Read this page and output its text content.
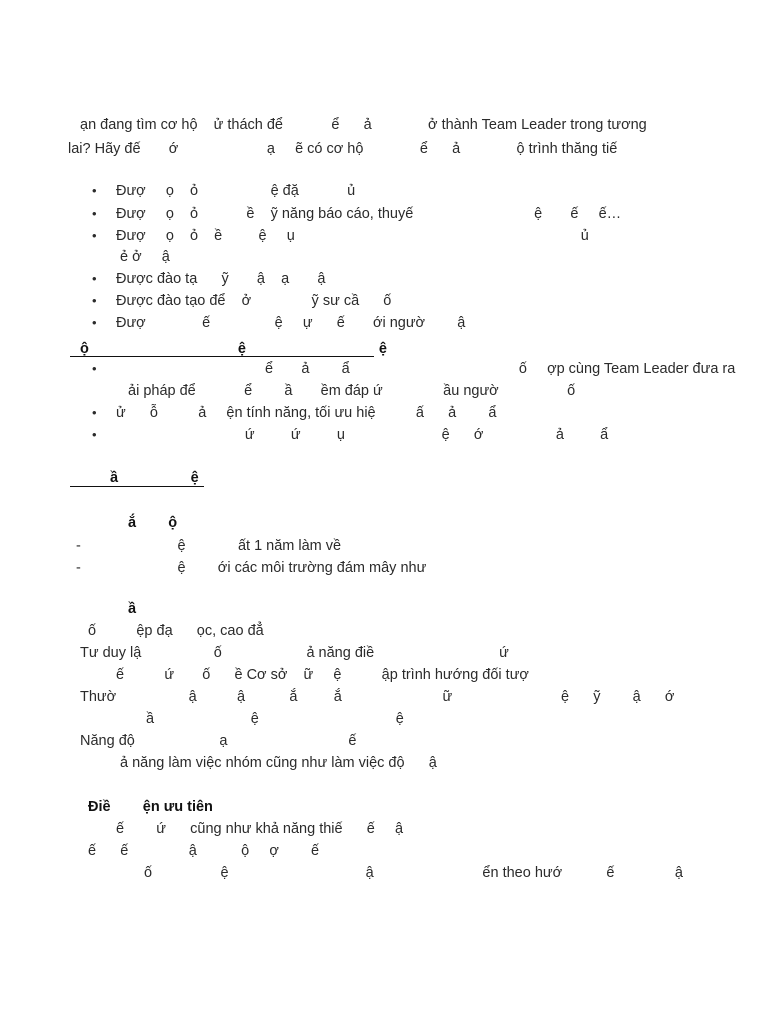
ạn đang tìm cơ hộ    ử thách để            ể      ả              ở thành Team Leader trong tương
lai? Hãy đế       ớ                      ạ     ẽ có cơ hộ              ể      ả              ộ trình thăng tiế
• Đượ     ọ    ỏ                  ệ đặ            ủ
• Đượ     ọ    ỏ            ề    ỹ năng báo cáo, thuyế                              ệ       ế     ế…
• Đượ     ọ    ỏ    ề         ệ     ụ                                                                       ủ
ẻ ở     ậ
• Được đào tạ      ỹ       ậ    ạ       ậ
• Được đào tạo để    ở               ỹ sư cầ      ố
• Đượ              ế                ệ     ự      ế       ới ngườ        ậ
ộ                                     ệ                                 ệ
•                                      ể       ả        ẩ                                          ố     ợp cùng Team Leader đưa ra
ải pháp để            ể        ầ       ềm đáp ứ               ầu ngườ                 ố
• ử      ỗ          ả     ện tính năng, tối ưu hiệ          ấ      ả        ẩ
•                                 ứ         ứ         ụ                        ệ      ớ                  ả         ẩ
ầ                  ệ
ắ        ộ
-                        ệ             ất 1 năm làm về
-                        ệ        ới các môi trường đám mây như
ầ
ố          ệp đạ      ọc, cao đẳ
Tư duy lậ                  ố                     ả năng điề                               ứ
ế          ứ       ố      ề Cơ sở    ữ     ệ          ập trình hướng đối tượ
Thườ                  ậ          ậ           ắ         ắ                         ữ                           ệ      ỹ        ậ      ớ
ầ                        ệ                                  ệ
Năng độ                     ạ                              ế
ả năng làm việc nhóm cũng như làm việc độ      ậ
Điề        ện ưu tiên
ế        ứ      cũng như khả năng thiế      ế     ậ
ế      ế               ậ           ộ     ợ        ế
ố                 ệ                                  ậ                           ển theo hướ           ế               ậ
